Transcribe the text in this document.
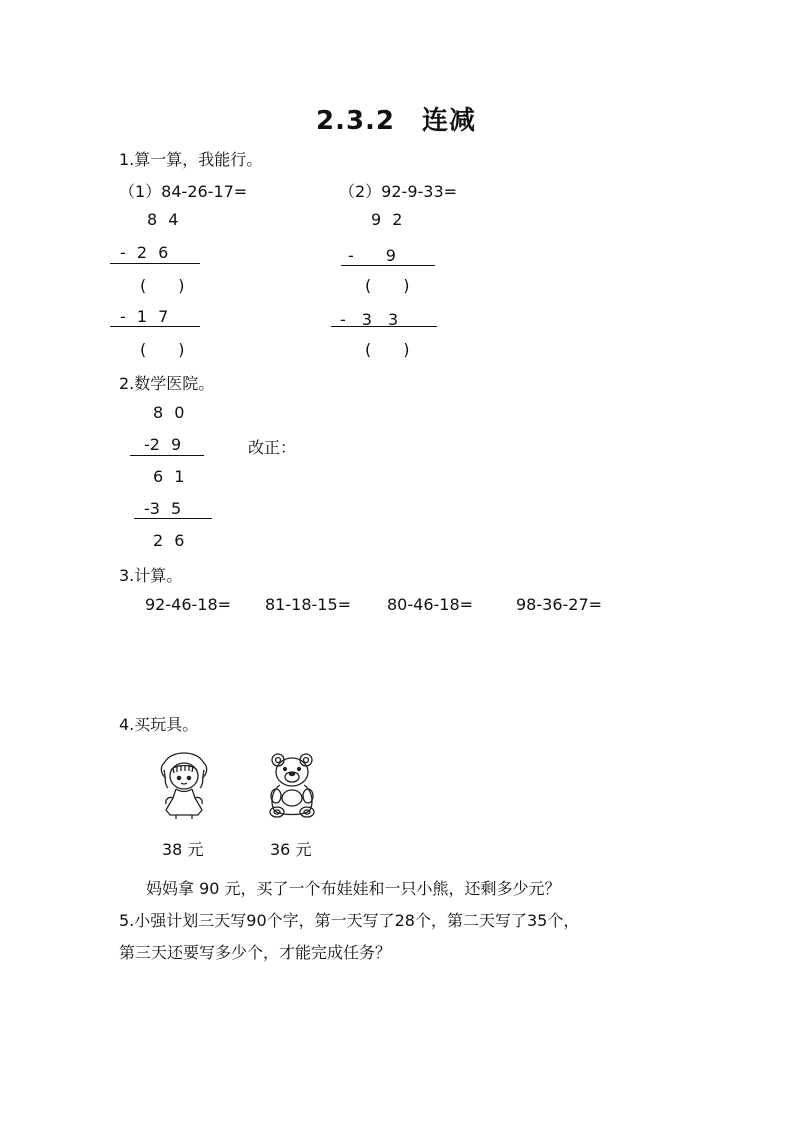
2.3.2　连减
1.算一算，我能行。
（1）84-26-17=	（2）92-9-33=
8 4
- 2 6
(　　)
- 1 7
(　　)
9 2
-　　9
(　　)
-　3　3
(　　)
2.数学医院。
8 0
-2 9
6 1
-3 5
2 6
改正：
3.计算。
92-46-18= 81-18-15= 80-46-18=	98-36-27=
4.买玩具。
38 元	36 元
妈妈拿 90 元，买了一个布娃娃和一只小熊，还剩多少元？
5.小强计划三天写90个字，第一天写了28个，第二天写了35个，
第三天还要写多少个，才能完成任务？
